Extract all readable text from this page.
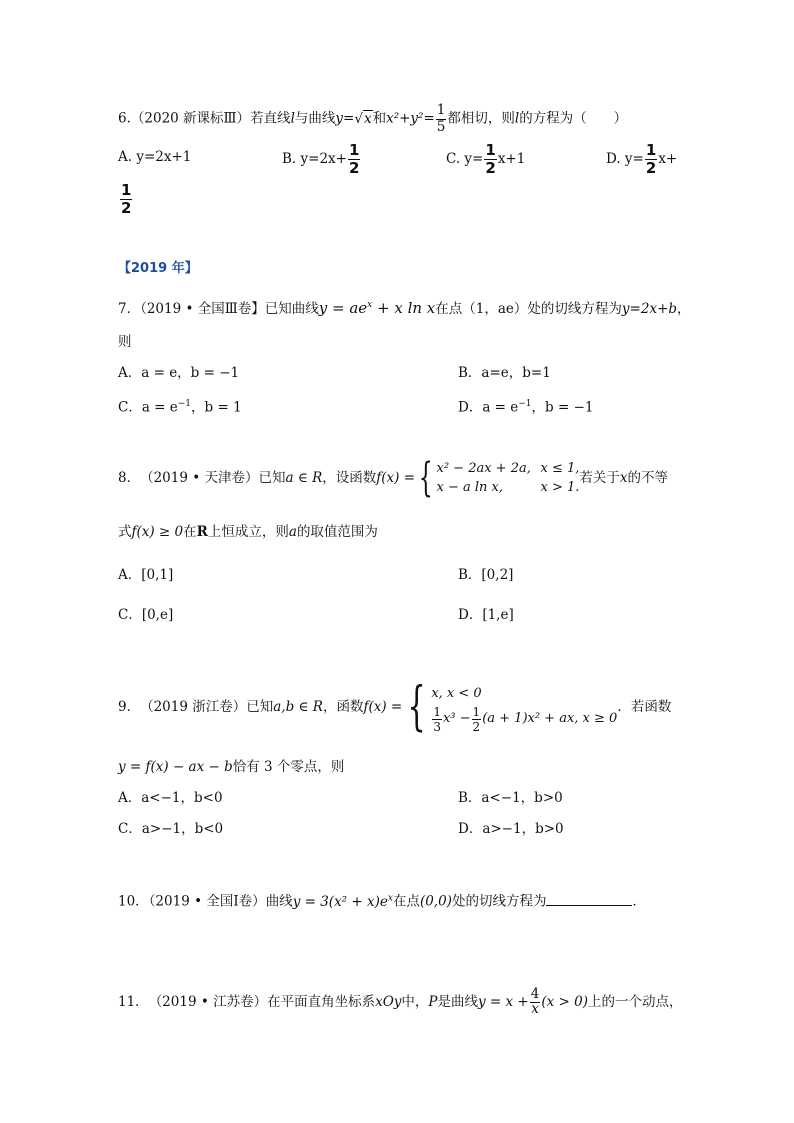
6.（2020 新课标Ⅲ）若直线l与曲线y=√x和$x^2+y^2= \frac{1}{5}$ 都相切，则l的方程为（　　）
A. y=2x+1	B. $y=2x+ \frac{1}{2}$	C. $y= \frac{1}{2} x+1$	D. $y= \frac{1}{2} x+$
$\frac{1}{2}$
【2019 年】
7．（2019 • 全国Ⅲ卷】已知曲线$y = ae^x + x$ ln x在点（1，ae）处的切线方程为y=2x+b，
则
A．a = e，b = −1	B．a=e，b=1
C．$a = e^{-1}$，b = 1	D．$a = e^{-1}$，b = −1
8． （2019 • 天津卷） 已知 a ∈ R ，设函数 f(x) = { x² − 2ax + 2a, x ≤ 1,
x − a ln x,	x > 1.
若关于 x 的不等
式f(x) ≥ 0在R上恒成立，则a的取值范围为
A．[0,1]	B．[0,2]
C．[0,e]	D．[1,e]
9． （2019 浙江卷） 已知 a,b ∈ R ，函数 f(x) = { x, x < 0
$\frac{1}{3} x^3 - \frac{1}{2} (a + 1)x^2$ + ax, x ≥ 0
．若函数
y = f(x) − ax − b恰有 3 个零点，则
A．a<−1，b<0	B．a<−1，b>0
C．a>−1，b<0	D．a>−1，b>0
10．（2019 • 全国Ⅰ卷）曲线$y = 3(x^2 + x)e^x$在点(0,0)处的切线方程为	．
11． （2019 • 江苏卷） 在平面直角坐标系 xOy 中， P 是曲线 $y = x + \frac{4}{x} (x > 0)$ 上的一个动点，
